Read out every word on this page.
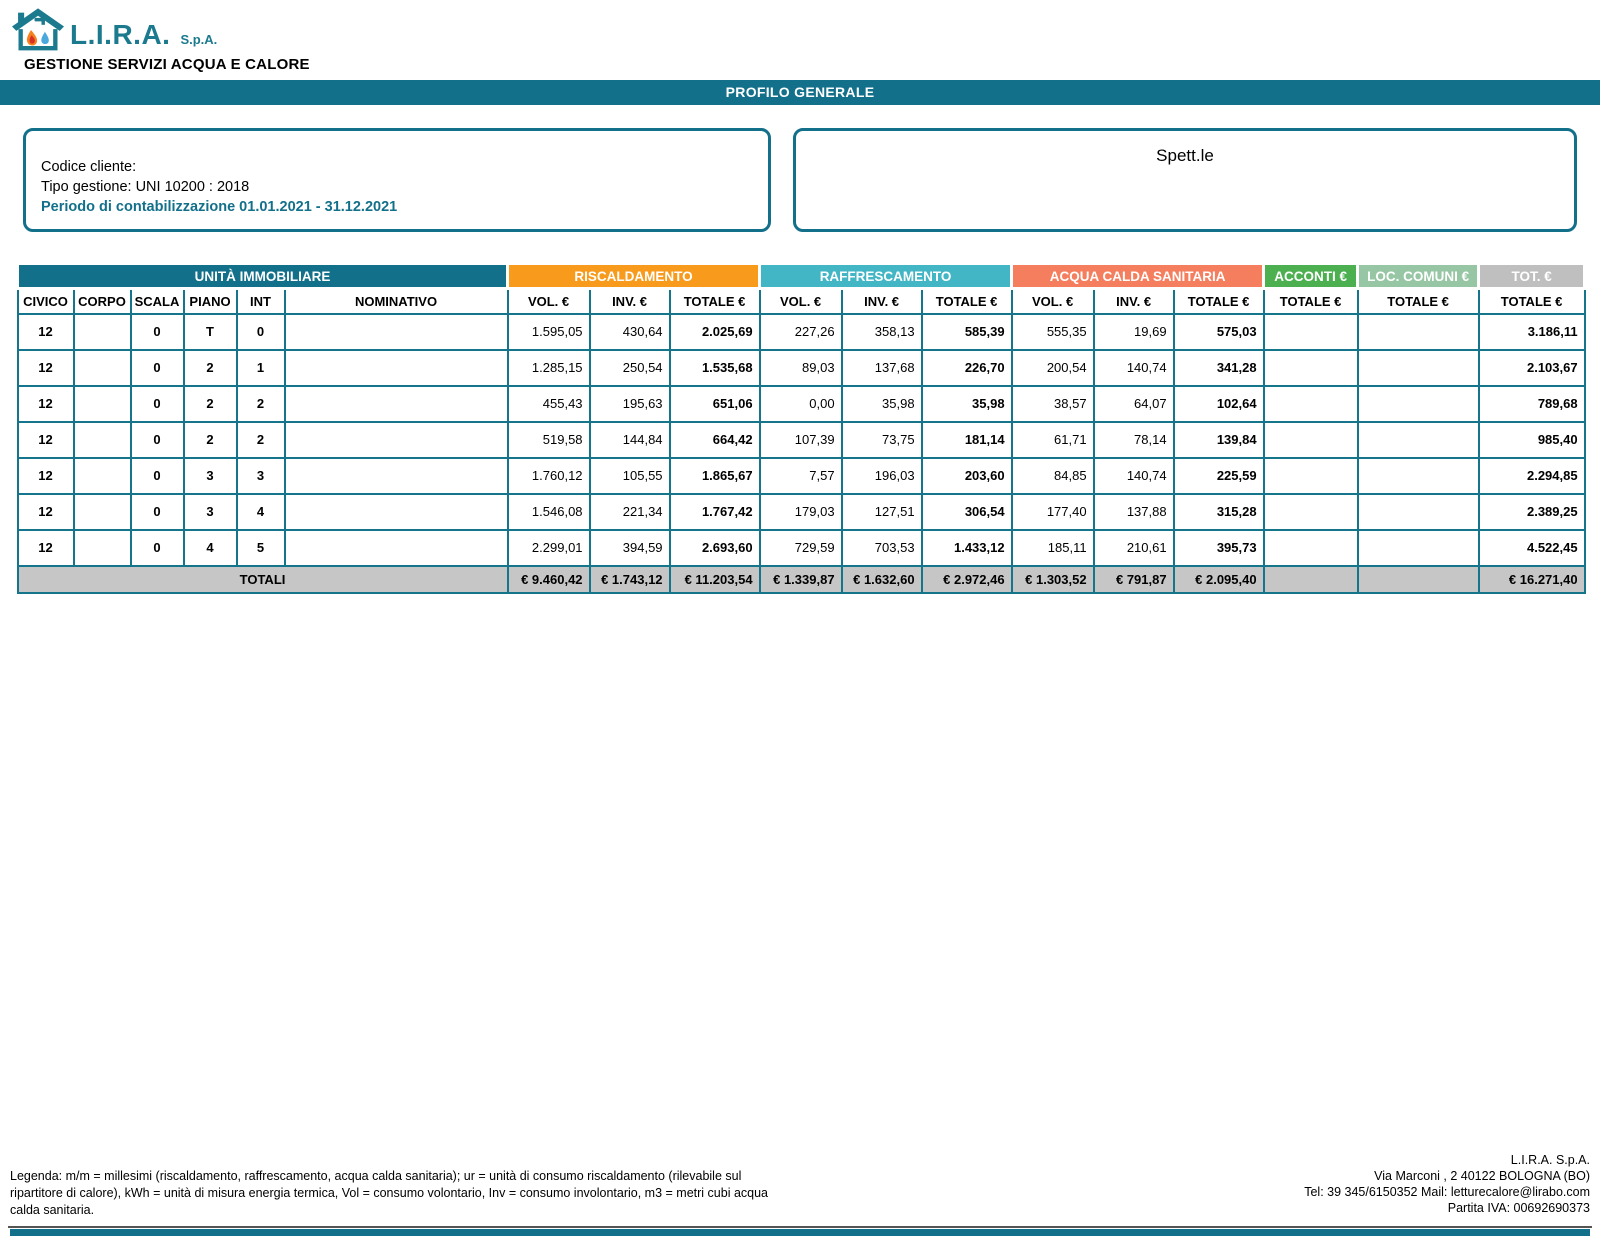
L.I.R.A. S.p.A.
GESTIONE SERVIZI ACQUA E CALORE
PROFILO GENERALE
Codice cliente:
Tipo gestione: UNI 10200 : 2018
Periodo di contabilizzazione 01.01.2021 - 31.12.2021
Spett.le
UNITÀ IMMOBILIARE						RISCALDAMENTO			RAFFRESCAMENTO			ACQUA CALDA SANITARIA			ACCONTI €	LOC. COMUNI €	TOT. €
CIVICO	CORPO	SCALA	PIANO	INT	NOMINATIVO	VOL. €	INV. €	TOTALE €	VOL. €	INV. €	TOTALE €	VOL. €	INV. €	TOTALE €	TOTALE €	TOTALE €	TOTALE €
12		0	T	0		1.595,05	430,64	2.025,69	227,26	358,13	585,39	555,35	19,69	575,03			3.186,11
12		0	2	1		1.285,15	250,54	1.535,68	89,03	137,68	226,70	200,54	140,74	341,28			2.103,67
12		0	2	2		455,43	195,63	651,06	0,00	35,98	35,98	38,57	64,07	102,64			789,68
12		0	2	2		519,58	144,84	664,42	107,39	73,75	181,14	61,71	78,14	139,84			985,40
12		0	3	3		1.760,12	105,55	1.865,67	7,57	196,03	203,60	84,85	140,74	225,59			2.294,85
12		0	3	4		1.546,08	221,34	1.767,42	179,03	127,51	306,54	177,40	137,88	315,28			2.389,25
12		0	4	5		2.299,01	394,59	2.693,60	729,59	703,53	1.433,12	185,11	210,61	395,73			4.522,45
TOTALI						€ 9.460,42	€ 1.743,12	€ 11.203,54	€ 1.339,87	€ 1.632,60	€ 2.972,46	€ 1.303,52	€ 791,87	€ 2.095,40			€ 16.271,40
Legenda: m/m = millesimi (riscaldamento, raffrescamento, acqua calda sanitaria); ur = unità di consumo riscaldamento (rilevabile sul ripartitore di calore), kWh = unità di misura energia termica, Vol = consumo volontario, Inv = consumo involontario, m3 = metri cubi acqua calda sanitaria.
L.I.R.A. S.p.A.
Via Marconi , 2 40122 BOLOGNA (BO)
Tel: 39 345/6150352 Mail: letturecalore@lirabo.com
Partita IVA: 00692690373
